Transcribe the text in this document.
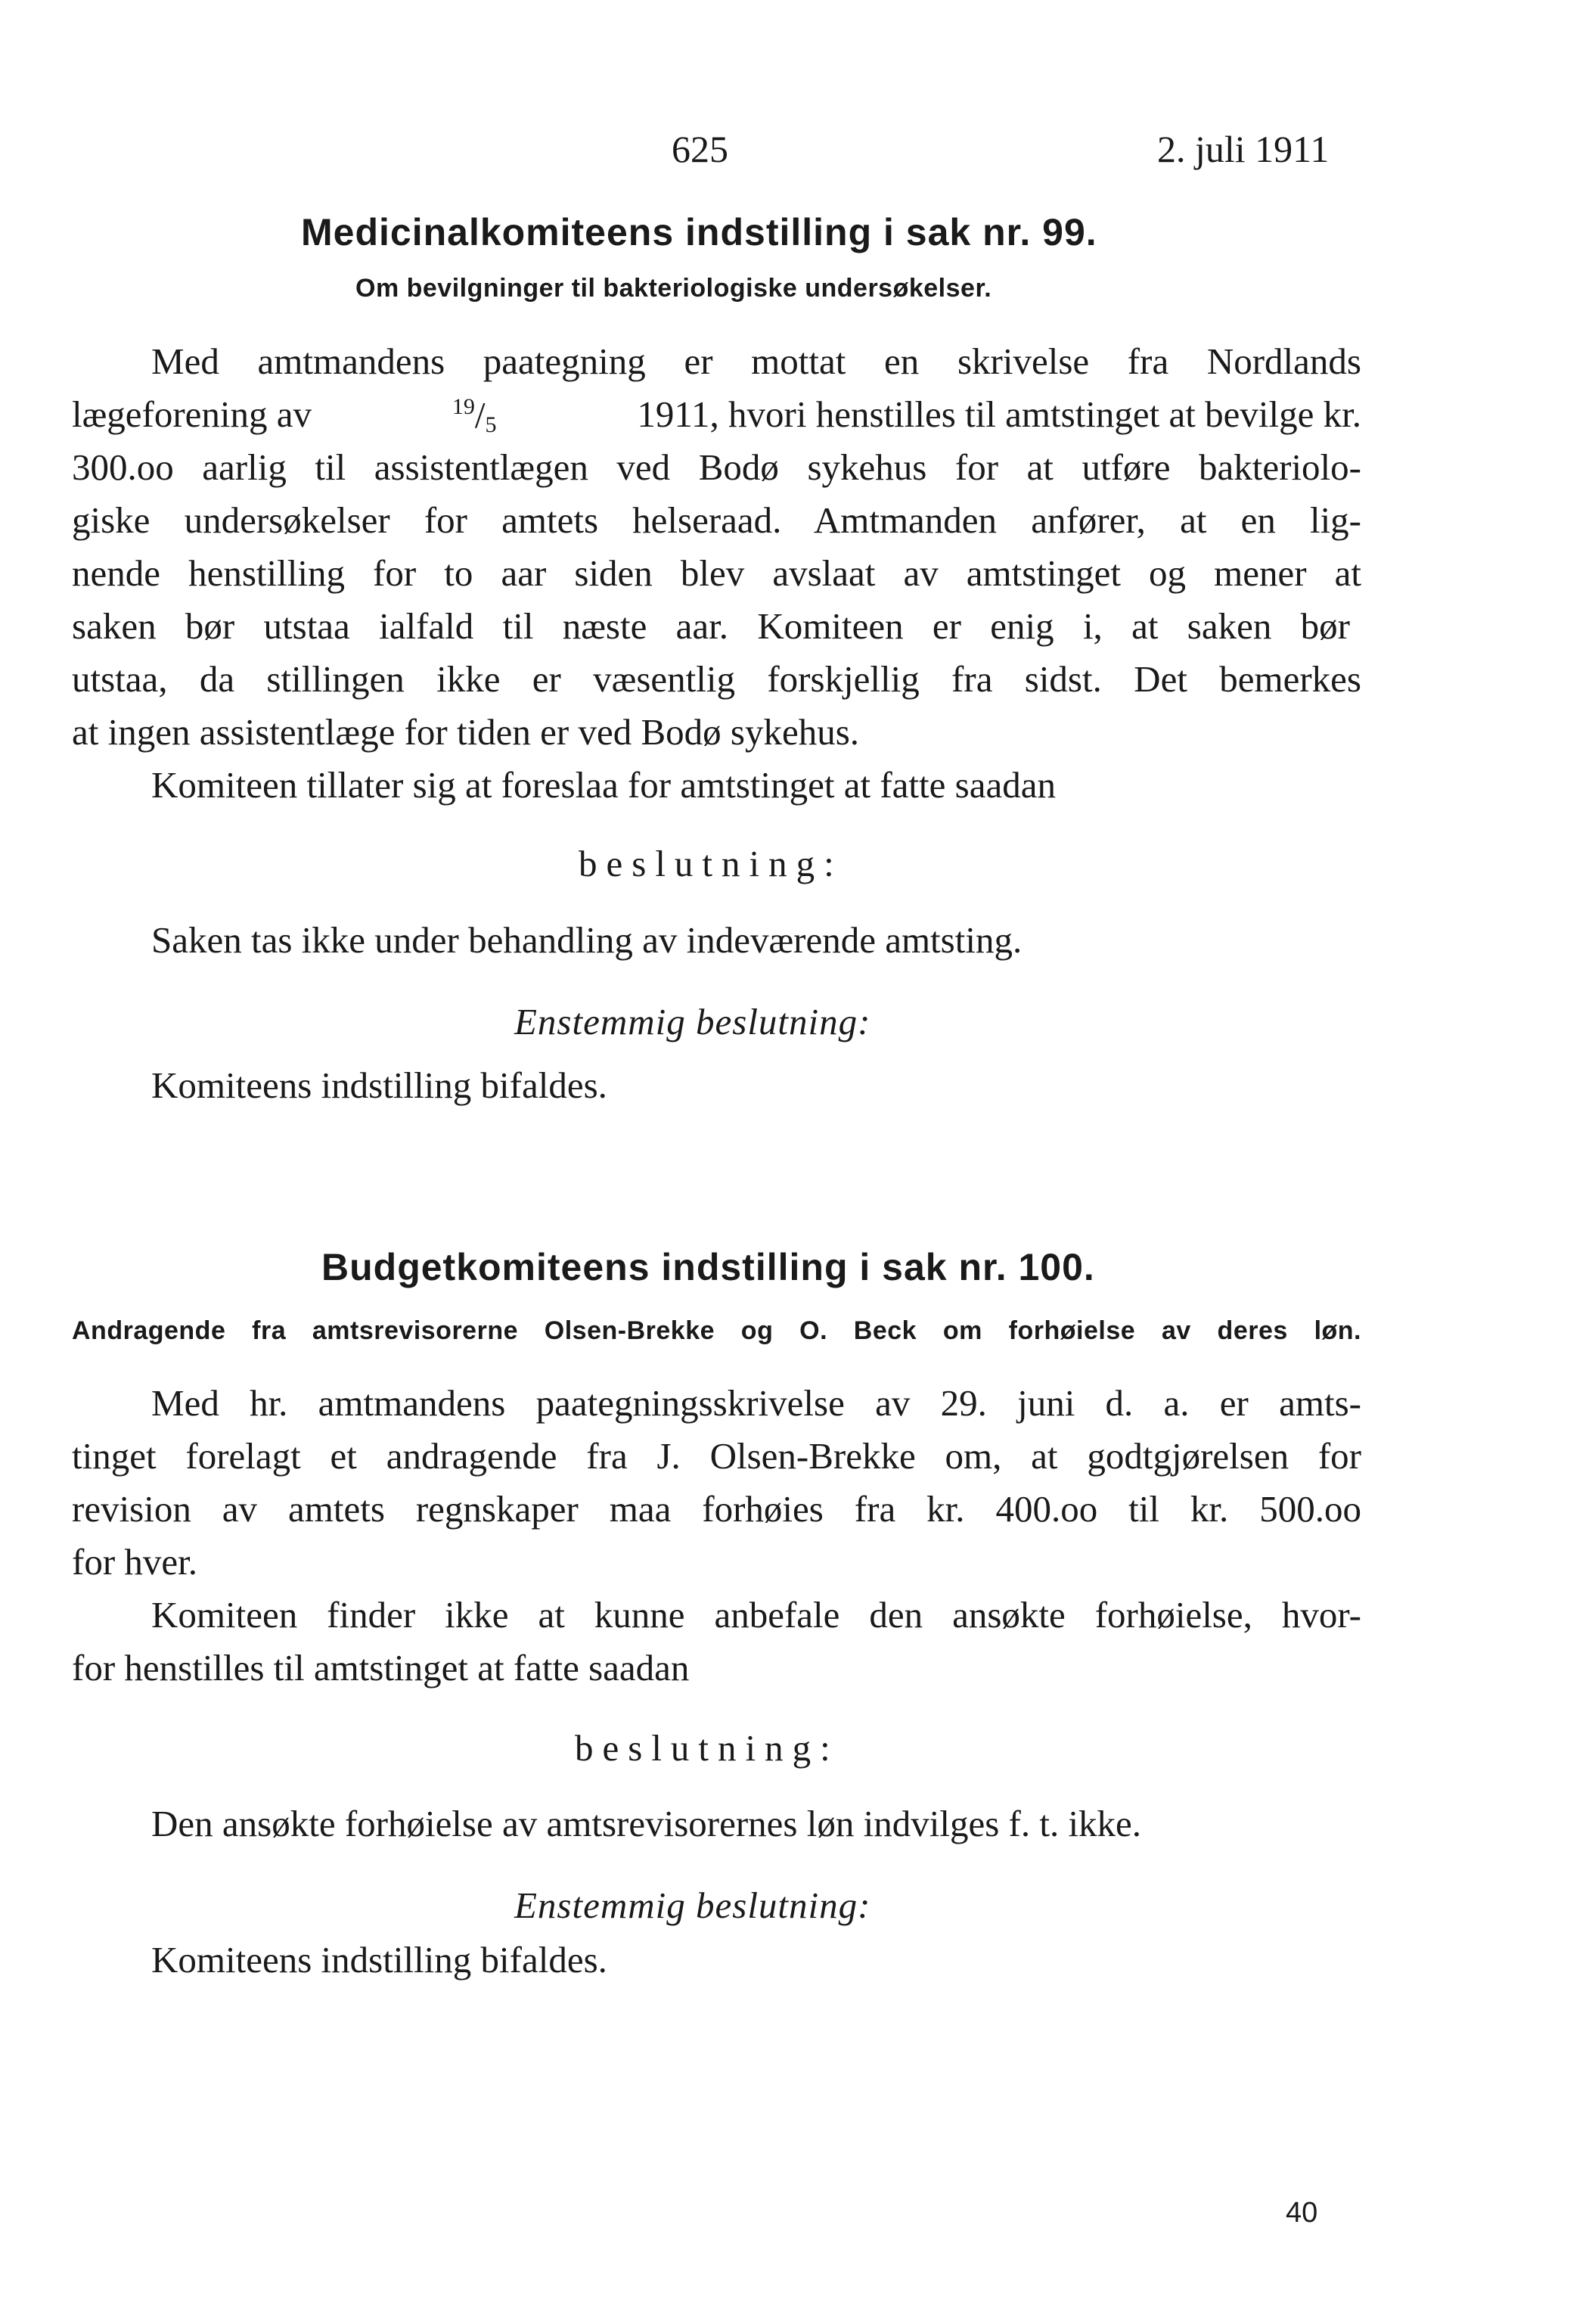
625	2. juli 1911
Medicinalkomiteens indstilling i sak nr. 99.
Om bevilgninger til bakteriologiske undersøkelser.
Med amtmandens paategning er mottat en skrivelse fra Nordlands
lægeforening av	$^{19}/_5$	1911, hvori henstilles til amtstinget at bevilge kr.
300.oo aarlig til assistentlægen ved Bodø sykehus for at utføre bakteriolo-
giske undersøkelser for amtets helseraad. Amtmanden anfører, at en lig-
nende henstilling for to aar siden blev avslaat av amtstinget og mener at
saken bør utstaa ialfald til næste aar. Komiteen er enig i, at saken bør
utstaa, da stillingen ikke er væsentlig forskjellig fra sidst. Det bemerkes
at ingen assistentlæge for tiden er ved Bodø sykehus.
Komiteen tillater sig at foreslaa for amtstinget at fatte saadan
beslutning:
Saken tas ikke under behandling av indeværende amtsting.
Enstemmig beslutning:
Komiteens indstilling bifaldes.
Budgetkomiteens indstilling i sak nr. 100.
Andragende fra amtsrevisorerne Olsen-Brekke og O. Beck om forhøielse av deres løn.
Med hr. amtmandens paategningsskrivelse av 29. juni d. a. er amts-
tinget forelagt et andragende fra J. Olsen-Brekke om, at godtgjørelsen for
revision av amtets regnskaper maa forhøies fra kr. 400.oo til kr. 500.oo
for hver.
Komiteen finder ikke at kunne anbefale den ansøkte forhøielse, hvor-
for henstilles til amtstinget at fatte saadan
beslutning:
Den ansøkte forhøielse av amtsrevisorernes løn indvilges f. t. ikke.
Enstemmig beslutning:
Komiteens indstilling bifaldes.
40
